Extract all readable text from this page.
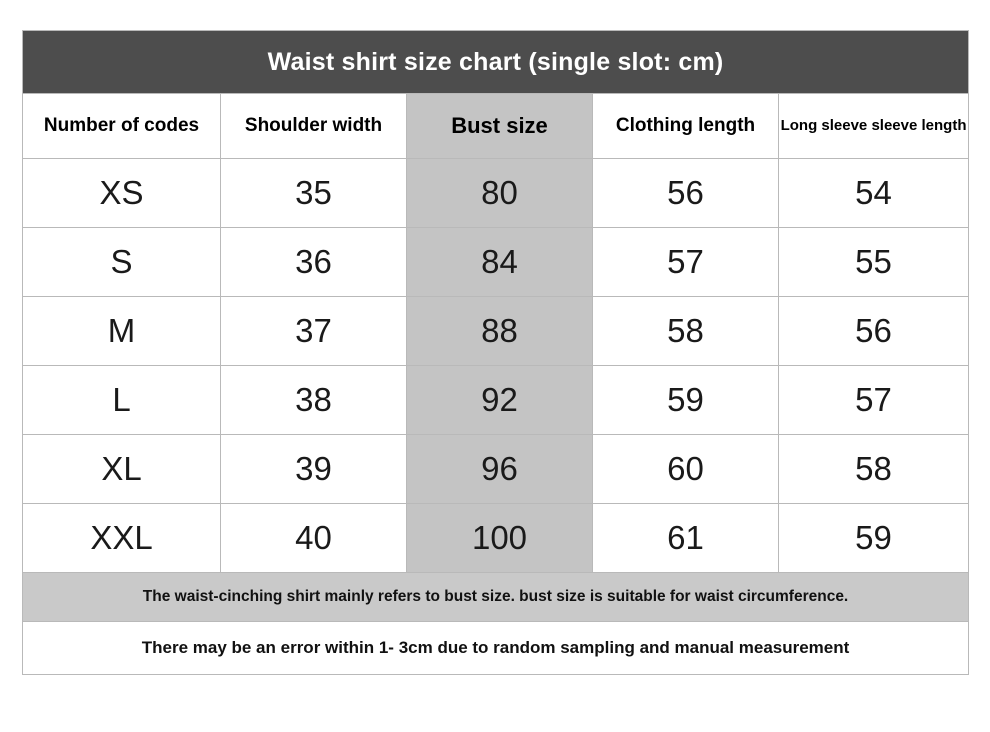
Waist shirt size chart (single slot: cm)				
Number of codes	Shoulder width	Bust size	Clothing length	Long sleeve sleeve length
XS	35	80	56	54
S	36	84	57	55
M	37	88	58	56
L	38	92	59	57
XL	39	96	60	58
XXL	40	100	61	59
The waist-cinching shirt mainly refers to bust size. bust size is suitable for waist circumference.				
There may be an error within 1- 3cm due to random sampling and manual measurement				
